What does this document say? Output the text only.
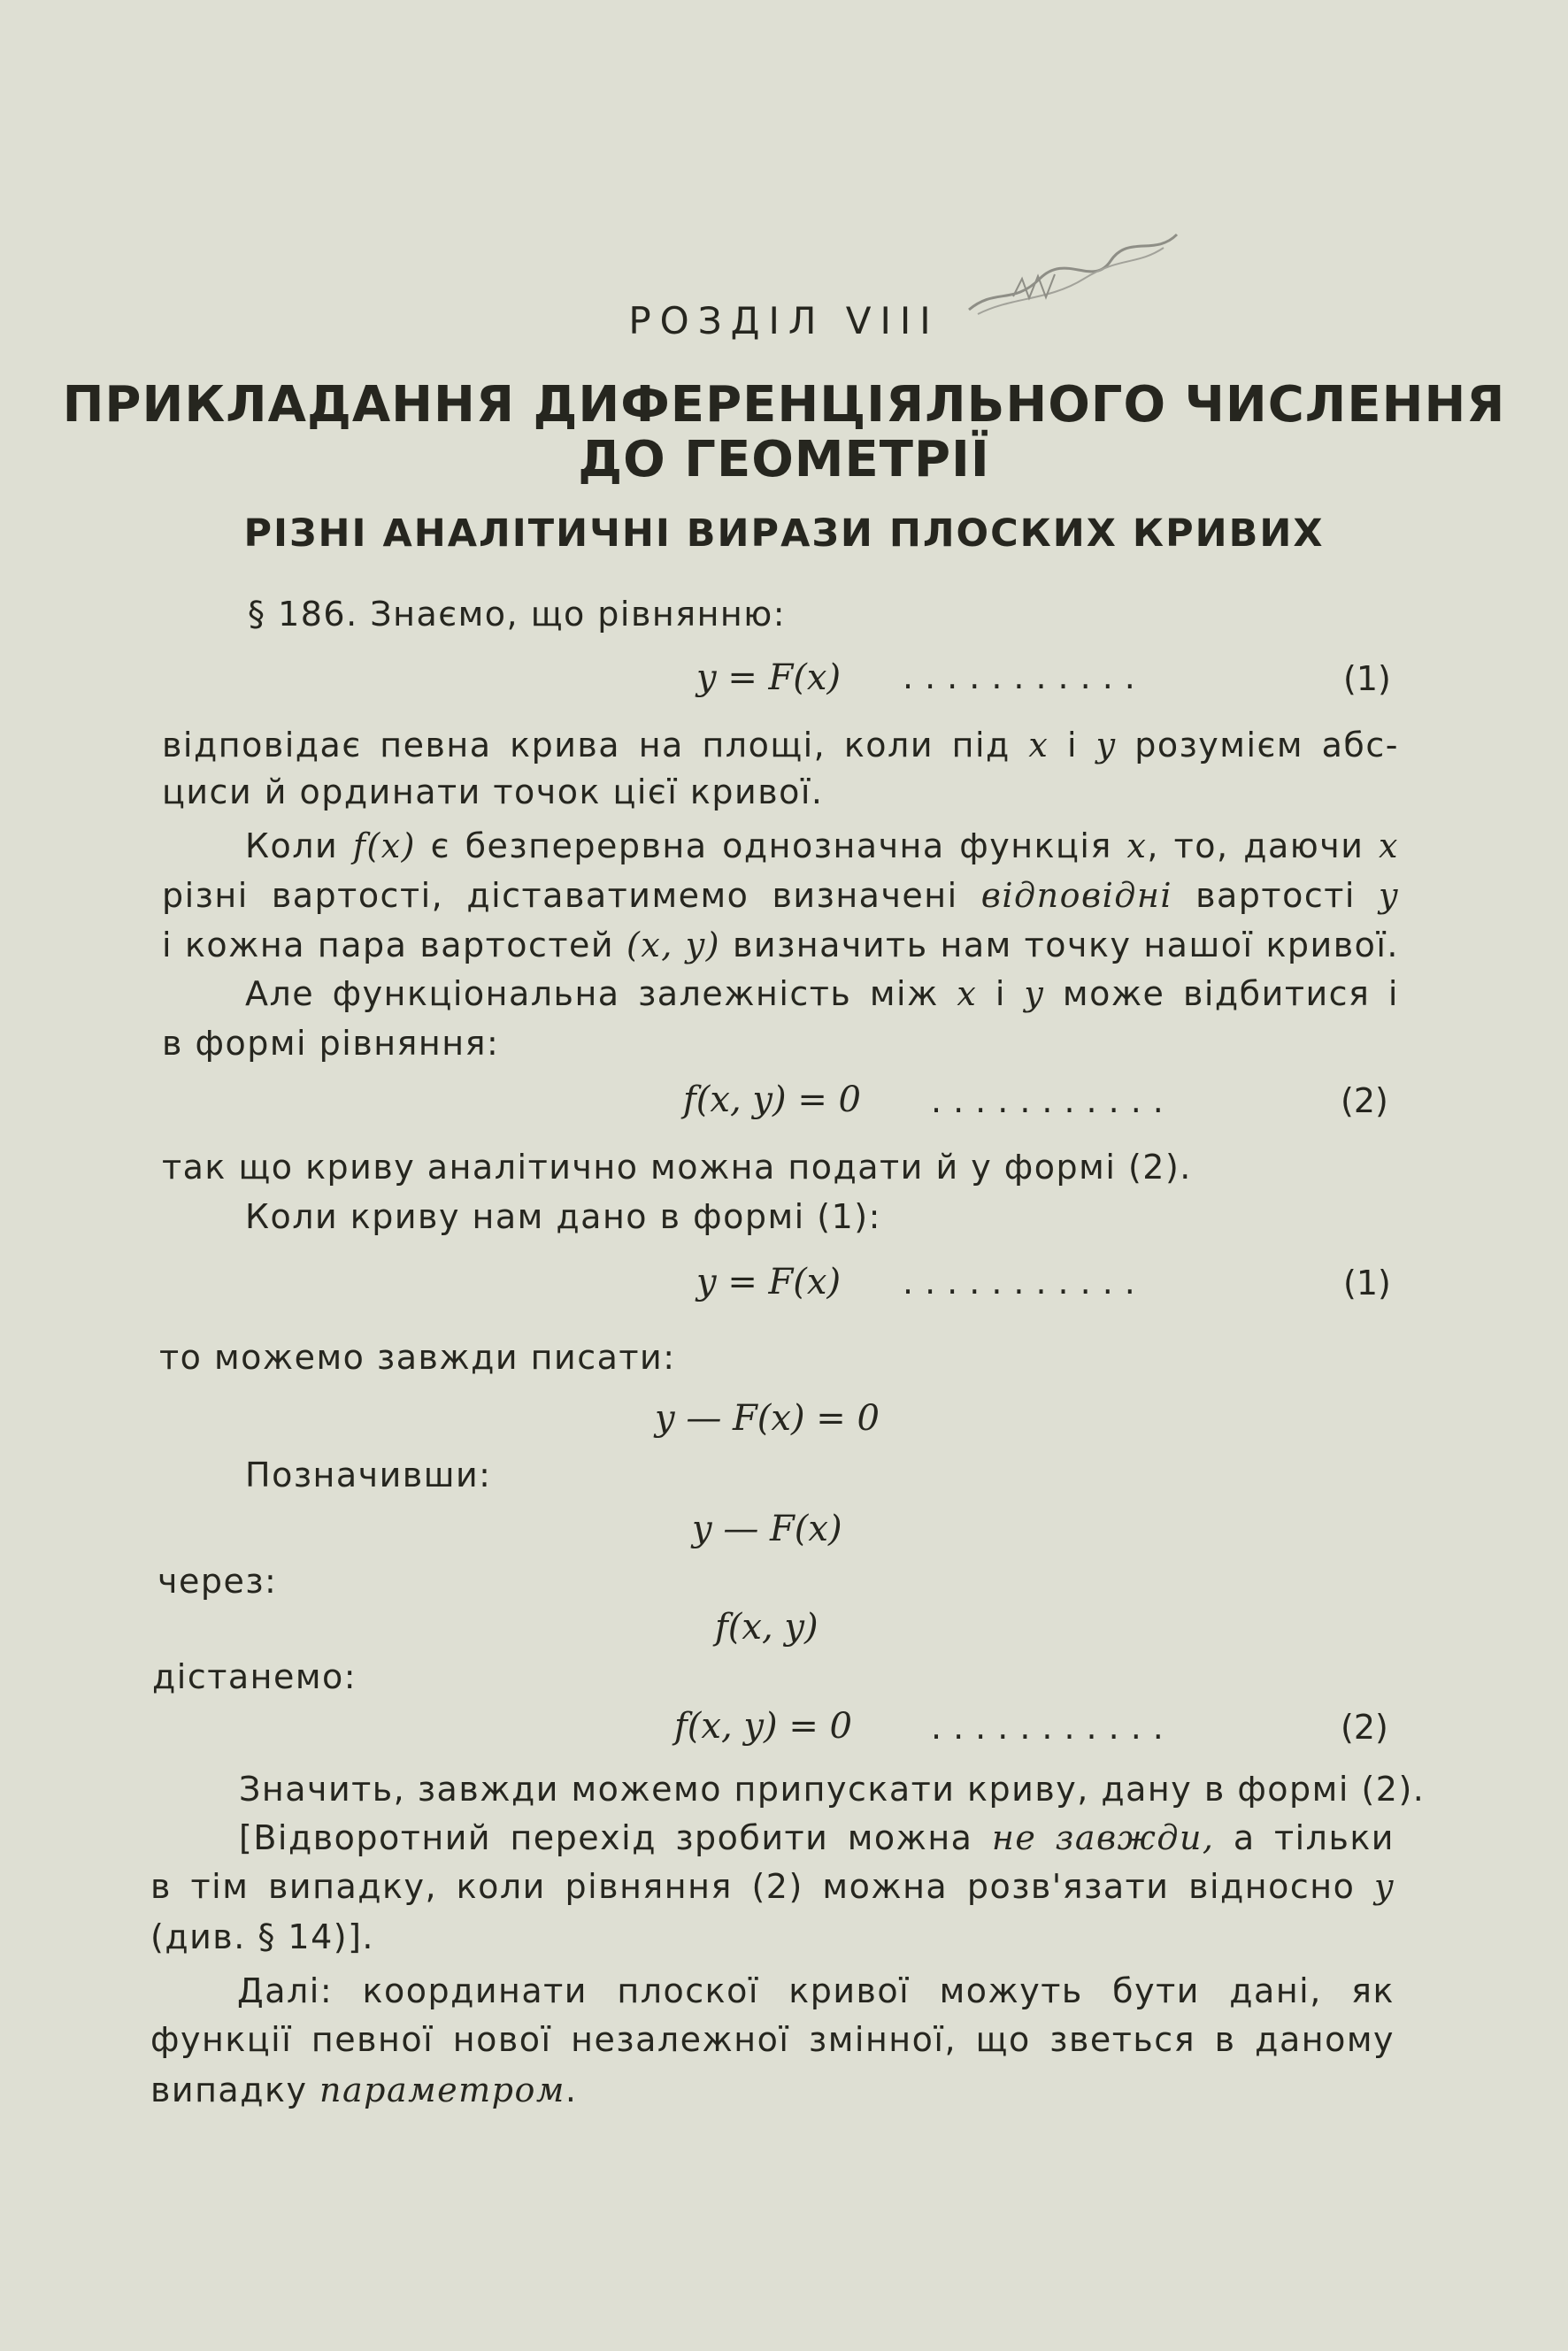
РОЗДІЛ VIII
ПРИКЛАДАННЯ ДИФЕРЕНЦІЯЛЬНОГО ЧИСЛЕННЯ
ДО ГЕОМЕТРІЇ
РІЗНІ АНАЛІТИЧНІ ВИРАЗИ ПЛОСКИХ КРИВИХ
§ 186. Знаємо, що рівнянню:
y = F(x) ...........	(1)
відповідає певна крива на площі, коли під x і y розумієм абс-
циси й ординати точок цієї кривої.
Коли f(x) є безперервна однозначна функція x, то, даючи x
різні вартості, діставатимемо визначені відповідні вартості y
і кожна пара вартостей (x, y) визначить нам точку нашої кривої.
Але функціональна залежність між x і y може відбитися і
в формі рівняння:
f(x, y) = 0 ...........	(2)
так що криву аналітично можна подати й у формі (2).
Коли криву нам дано в формі (1):
y = F(x) ...........	(1)
то можемо завжди писати:
y — F(x) = 0
Позначивши:
y — F(x)
через:
f(x, y)
дістанемо:
f(x, y) = 0 ...........	(2)
Значить, завжди можемо припускати криву, дану в формі (2).
[Відворотний перехід зробити можна не завжди, а тільки
в тім випадку, коли рівняння (2) можна розв'язати відносно y
(див. § 14)].
Далі: координати плоскої кривої можуть бути дані, як
функції певної нової незалежної змінної, що зветься в даному
випадку параметром.
